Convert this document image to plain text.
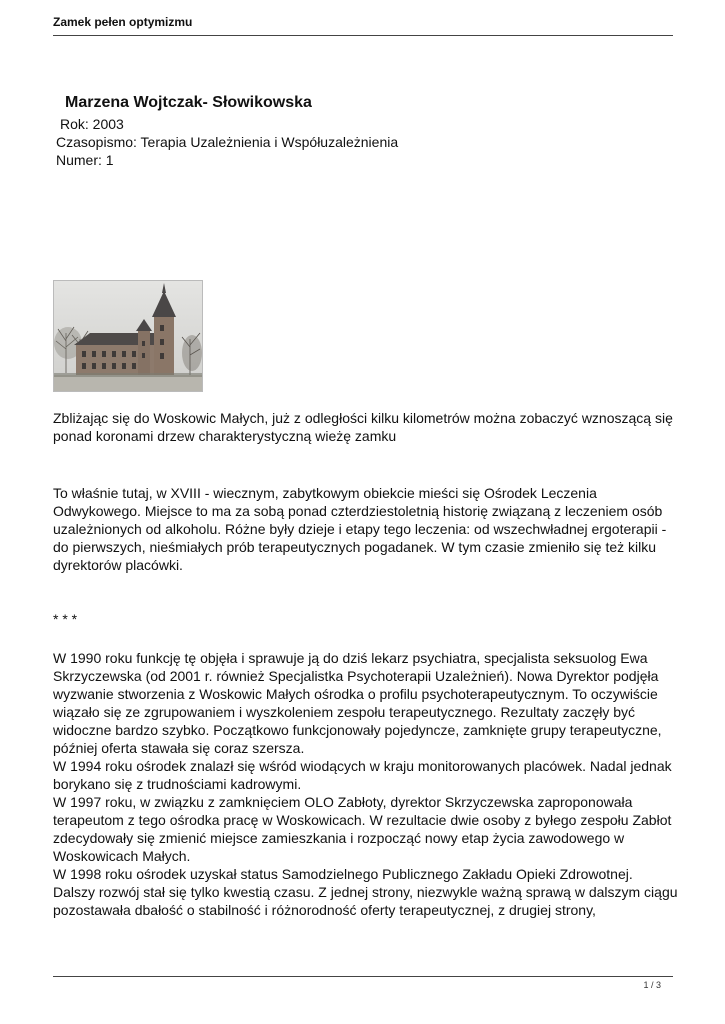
Zamek pełen optymizmu
Marzena Wojtczak- Słowikowska
Rok: 2003
Czasopismo: Terapia Uzależnienia i Współuzależnienia
Numer: 1

Zbliżając się do Woskowic Małych, już z odległości kilku kilometrów można zobaczyć wznoszącą się ponad koronami drzew charakterystyczną wieżę zamku

To właśnie tutaj, w XVIII - wiecznym, zabytkowym obiekcie mieści się Ośrodek Leczenia Odwykowego. Miejsce to ma za sobą ponad czterdziestoletnią historię związaną z leczeniem osób uzależnionych od alkoholu. Różne były dzieje i etapy tego leczenia: od wszechwładnej ergoterapii - do pierwszych, nieśmiałych prób terapeutycznych pogadanek. W tym czasie zmieniło się też kilku dyrektorów placówki.

* * *

W 1990 roku funkcję tę objęła i sprawuje ją do dziś lekarz psychiatra, specjalista seksuolog Ewa Skrzyczewska (od 2001 r. również Specjalistka Psychoterapii Uzależnień). Nowa Dyrektor podjęła wyzwanie stworzenia z Woskowic Małych ośrodka o profilu psychoterapeutycznym. To oczywiście wiązało się ze zgrupowaniem i wyszkoleniem zespołu terapeutycznego. Rezultaty zaczęły być widoczne bardzo szybko. Początkowo funkcjonowały pojedyncze, zamknięte grupy terapeutyczne, później oferta stawała się coraz szersza.

W 1994 roku ośrodek znalazł się wśród wiodących w kraju monitorowanych placówek. Nadal jednak borykano się z trudnościami kadrowymi.

W 1997 roku, w związku z zamknięciem OLO Zabłoty, dyrektor Skrzyczewska zaproponowała terapeutom z tego ośrodka pracę w Woskowicach. W rezultacie dwie osoby z byłego zespołu Zabłot zdecydowały się zmienić miejsce zamieszkania i rozpocząć nowy etap życia zawodowego w Woskowicach Małych.

W 1998 roku ośrodek uzyskał status Samodzielnego Publicznego Zakładu Opieki Zdrowotnej. Dalszy rozwój stał się tylko kwestią czasu. Z jednej strony, niezwykle ważną sprawą w dalszym ciągu pozostawała dbałość o stabilność i różnorodność oferty terapeutycznej, z drugiej strony,

1 / 3
